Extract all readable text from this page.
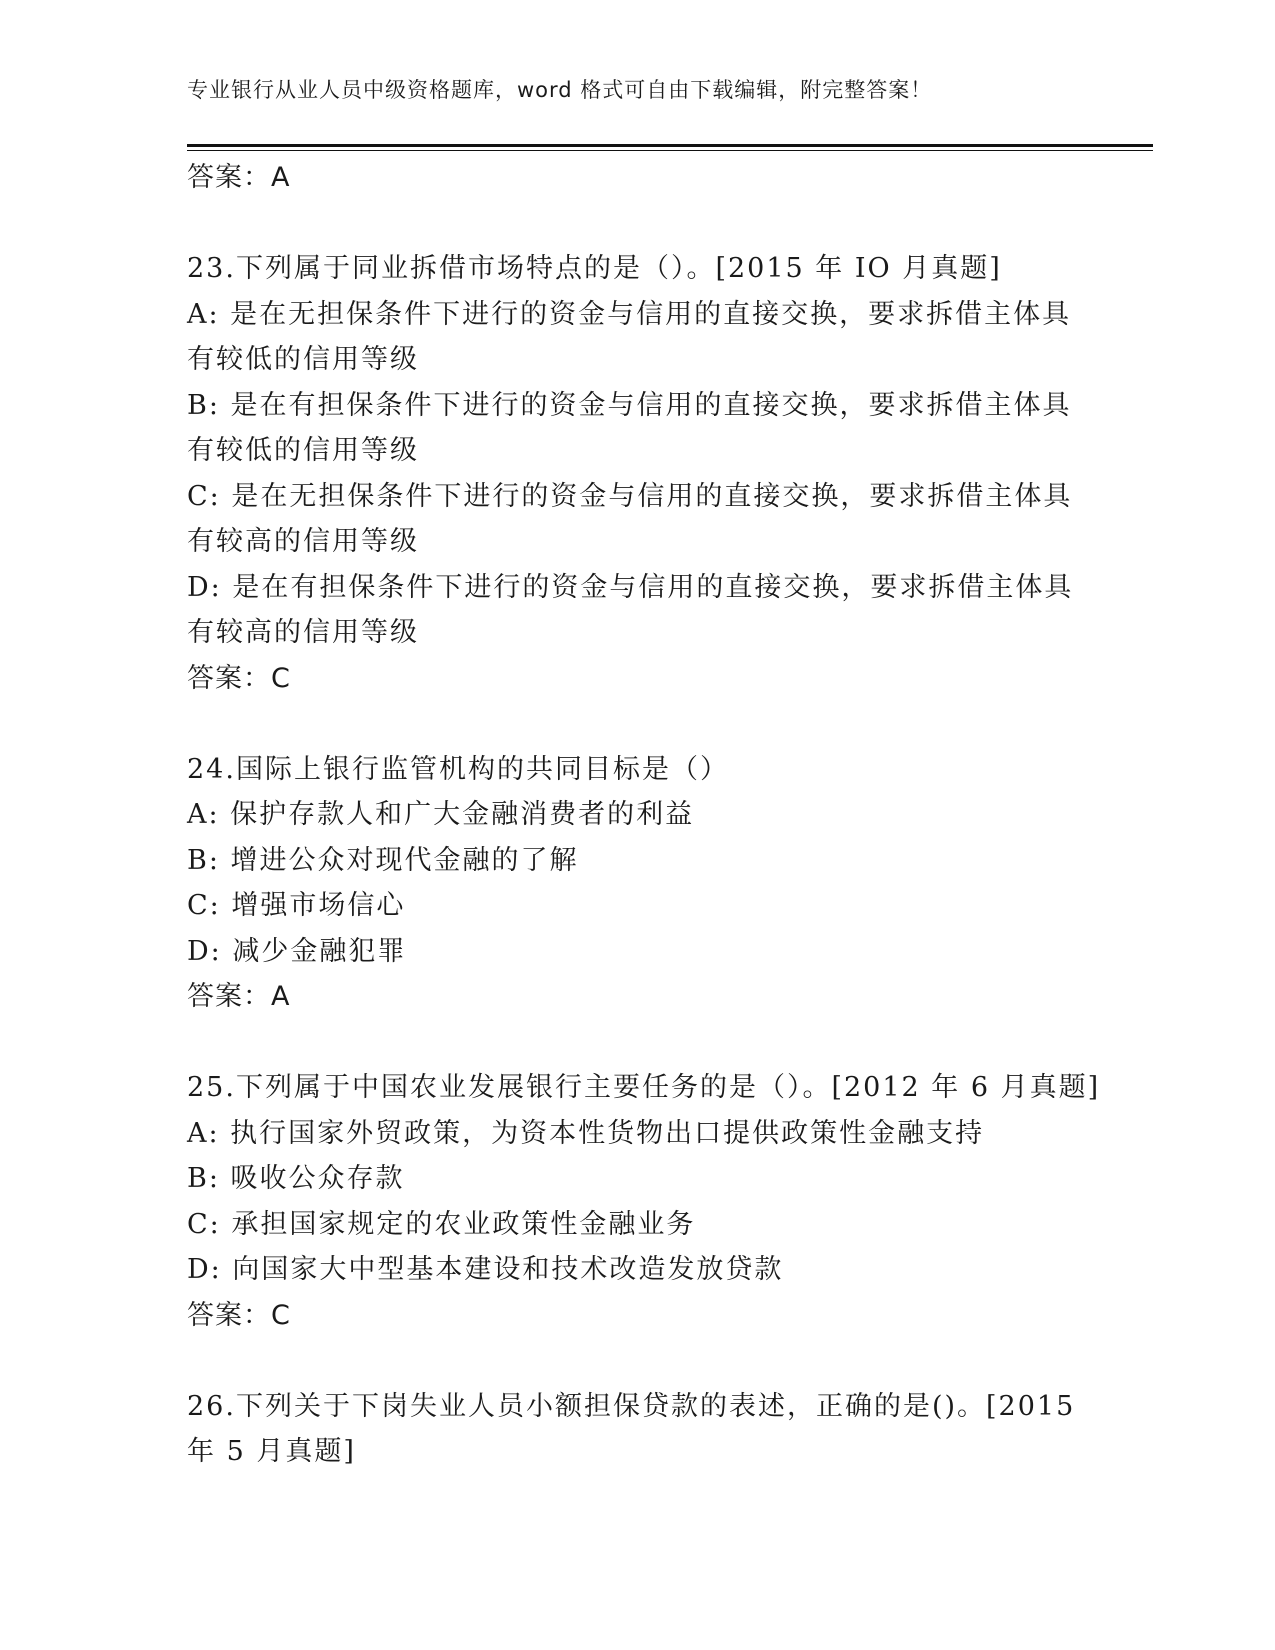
专业银行从业人员中级资格题库，word 格式可自由下载编辑，附完整答案！
答案：A
23.下列属于同业拆借市场特点的是（）。[2015 年 IO 月真题]
A: 是在无担保条件下进行的资金与信用的直接交换，要求拆借主体具
有较低的信用等级
B: 是在有担保条件下进行的资金与信用的直接交换，要求拆借主体具
有较低的信用等级
C: 是在无担保条件下进行的资金与信用的直接交换，要求拆借主体具
有较高的信用等级
D: 是在有担保条件下进行的资金与信用的直接交换，要求拆借主体具
有较高的信用等级
答案：C
24.国际上银行监管机构的共同目标是（）
A: 保护存款人和广大金融消费者的利益
B: 增进公众对现代金融的了解
C: 增强市场信心
D: 减少金融犯罪
答案：A
25.下列属于中国农业发展银行主要任务的是（）。[2012 年 6 月真题]
A: 执行国家外贸政策，为资本性货物出口提供政策性金融支持
B: 吸收公众存款
C: 承担国家规定的农业政策性金融业务
D: 向国家大中型基本建设和技术改造发放贷款
答案：C
26.下列关于下岗失业人员小额担保贷款的表述，正确的是()。[2015
年 5 月真题]
